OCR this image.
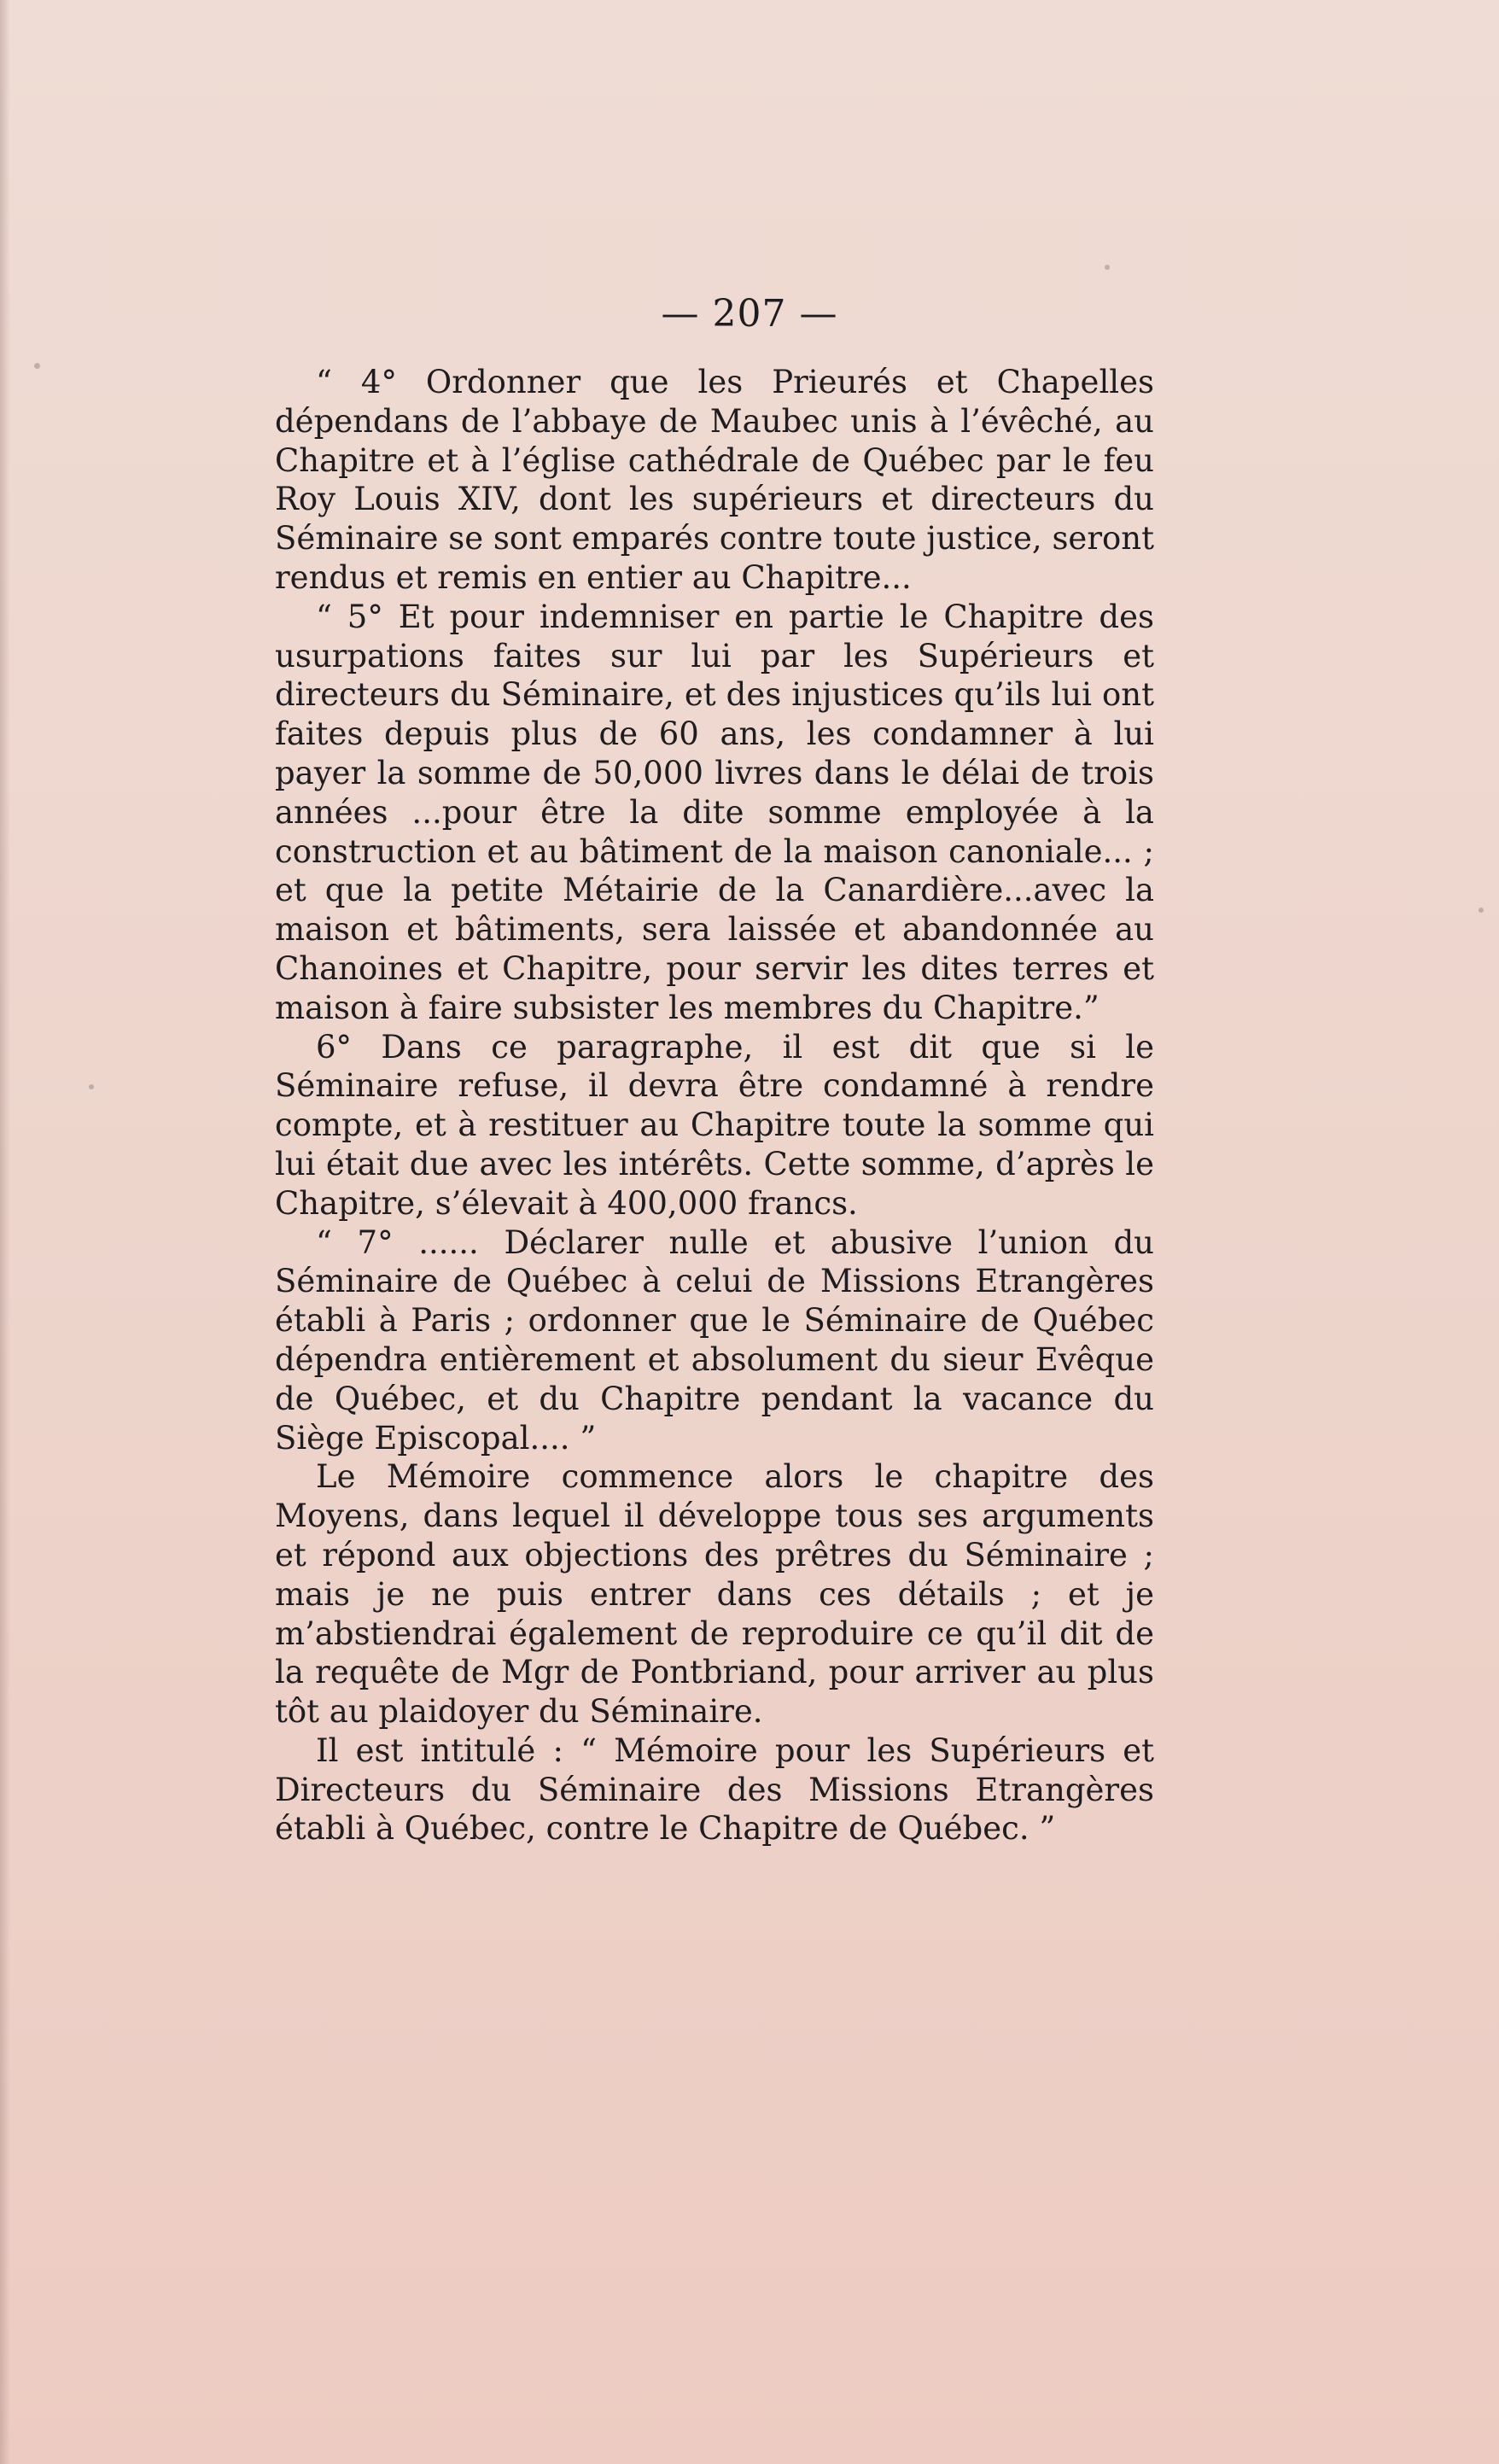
— 207 —

“ 4° Ordonner que les Prieurés et Chapelles dépendans de l’abbaye de Maubec unis à l’évêché, au Chapitre et à l’église cathédrale de Québec par le feu Roy Louis XIV, dont les supérieurs et directeurs du Séminaire se sont emparés contre toute justice, seront rendus et remis en entier au Chapitre...

“ 5° Et pour indemniser en partie le Chapitre des usurpations faites sur lui par les Supérieurs et directeurs du Séminaire, et des injustices qu’ils lui ont faites depuis plus de 60 ans, les condamner à lui payer la somme de 50,000 livres dans le délai de trois années ...pour être la dite somme employée à la construction et au bâtiment de la maison canoniale... ; et que la petite Métairie de la Canardière...avec la maison et bâtiments, sera laissée et abandonnée au Chanoines et Chapitre, pour servir les dites terres et maison à faire subsister les membres du Chapitre.”

6° Dans ce paragraphe, il est dit que si le Séminaire refuse, il devra être condamné à rendre compte, et à restituer au Chapitre toute la somme qui lui était due avec les intérêts. Cette somme, d’après le Chapitre, s’élevait à 400,000 francs.

“ 7° ...... Déclarer nulle et abusive l’union du Séminaire de Québec à celui de Missions Etrangères établi à Paris ; ordonner que le Séminaire de Québec dépendra entièrement et absolument du sieur Evêque de Québec, et du Chapitre pendant la vacance du Siège Episcopal.... ”

Le Mémoire commence alors le chapitre des Moyens, dans lequel il développe tous ses arguments et répond aux objections des prêtres du Séminaire ; mais je ne puis entrer dans ces détails ; et je m’abstiendrai également de reproduire ce qu’il dit de la requête de Mgr de Pontbriand, pour arriver au plus tôt au plaidoyer du Séminaire.

Il est intitulé : “ Mémoire pour les Supérieurs et Directeurs du Séminaire des Missions Etrangères établi à Québec, contre le Chapitre de Québec. ”
